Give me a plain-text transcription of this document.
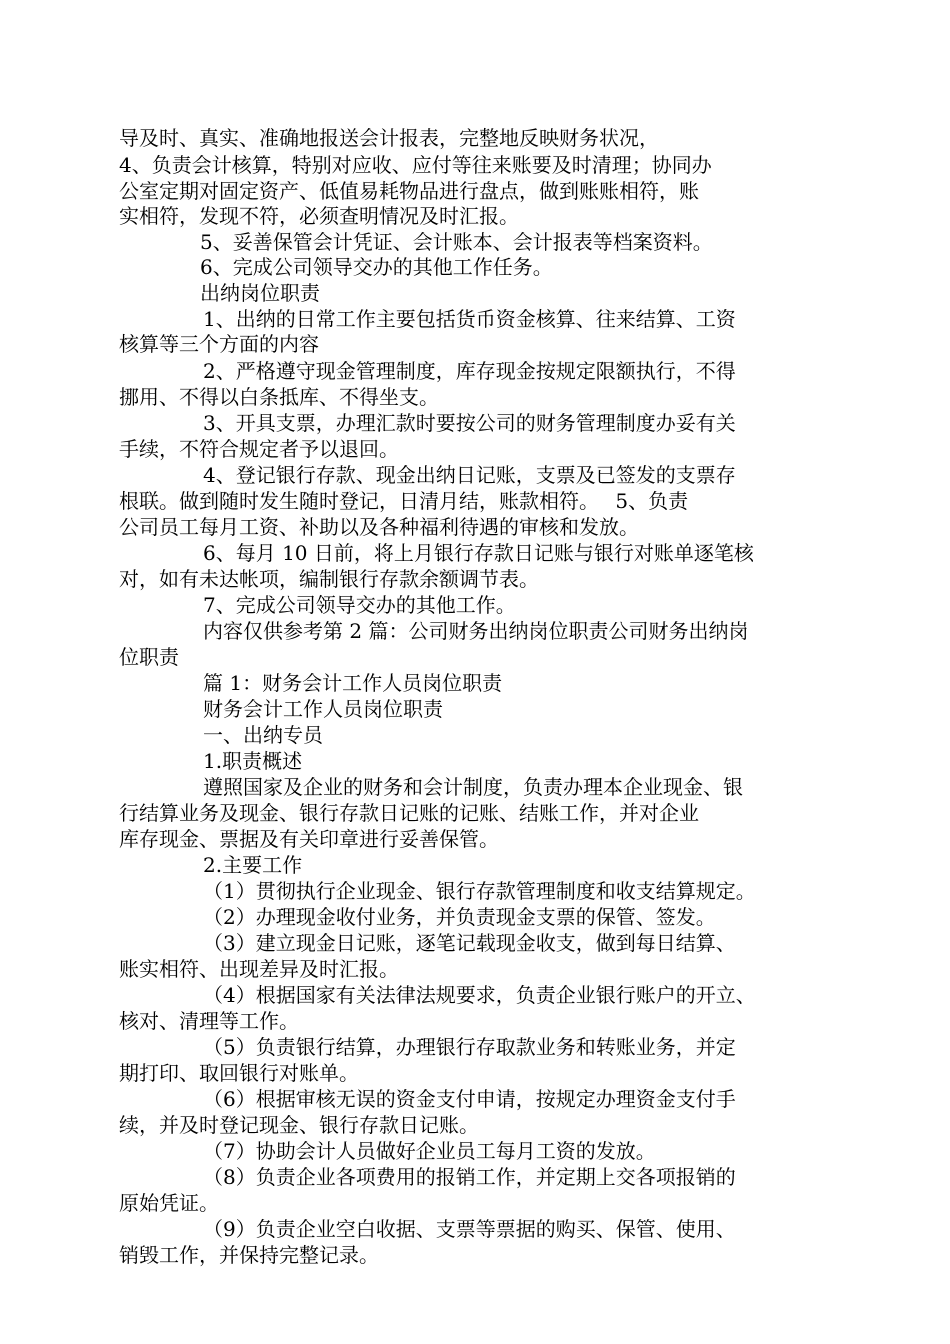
导及时、真实、准确地报送会计报表，完整地反映财务状况，
4、负责会计核算，特别对应收、应付等往来账要及时清理；协同办
公室定期对固定资产、低值易耗物品进行盘点，做到账账相符，账
实相符，发现不符，必须查明情况及时汇报。
5、妥善保管会计凭证、会计账本、会计报表等档案资料。
6、完成公司领导交办的其他工作任务。
出纳岗位职责
1、出纳的日常工作主要包括货币资金核算、往来结算、工资
核算等三个方面的内容
2、严格遵守现金管理制度，库存现金按规定限额执行，不得
挪用、不得以白条抵库、不得坐支。
3、开具支票，办理汇款时要按公司的财务管理制度办妥有关
手续，不符合规定者予以退回。
4、登记银行存款、现金出纳日记账，支票及已签发的支票存
根联。做到随时发生随时登记，日清月结，账款相符。　 5、负责
公司员工每月工资、补助以及各种福利待遇的审核和发放。
6、每月 10 日前，将上月银行存款日记账与银行对账单逐笔核
对，如有未达帐项，编制银行存款余额调节表。
7、完成公司领导交办的其他工作。
内容仅供参考第 2 篇：公司财务出纳岗位职责公司财务出纳岗
位职责
篇 1：财务会计工作人员岗位职责
财务会计工作人员岗位职责
一、出纳专员
1.职责概述
遵照国家及企业的财务和会计制度，负责办理本企业现金、银
行结算业务及现金、银行存款日记账的记账、结账工作，并对企业
库存现金、票据及有关印章进行妥善保管。
2.主要工作
（1）贯彻执行企业现金、银行存款管理制度和收支结算规定。
（2）办理现金收付业务，并负责现金支票的保管、签发。
（3）建立现金日记账，逐笔记载现金收支，做到每日结算、
账实相符、出现差异及时汇报。
（4）根据国家有关法律法规要求，负责企业银行账户的开立、
核对、清理等工作。
（5）负责银行结算，办理银行存取款业务和转账业务，并定
期打印、取回银行对账单。
（6）根据审核无误的资金支付申请，按规定办理资金支付手
续，并及时登记现金、银行存款日记账。
（7）协助会计人员做好企业员工每月工资的发放。
（8）负责企业各项费用的报销工作，并定期上交各项报销的
原始凭证。
（9）负责企业空白收据、支票等票据的购买、保管、使用、
销毁工作，并保持完整记录。
